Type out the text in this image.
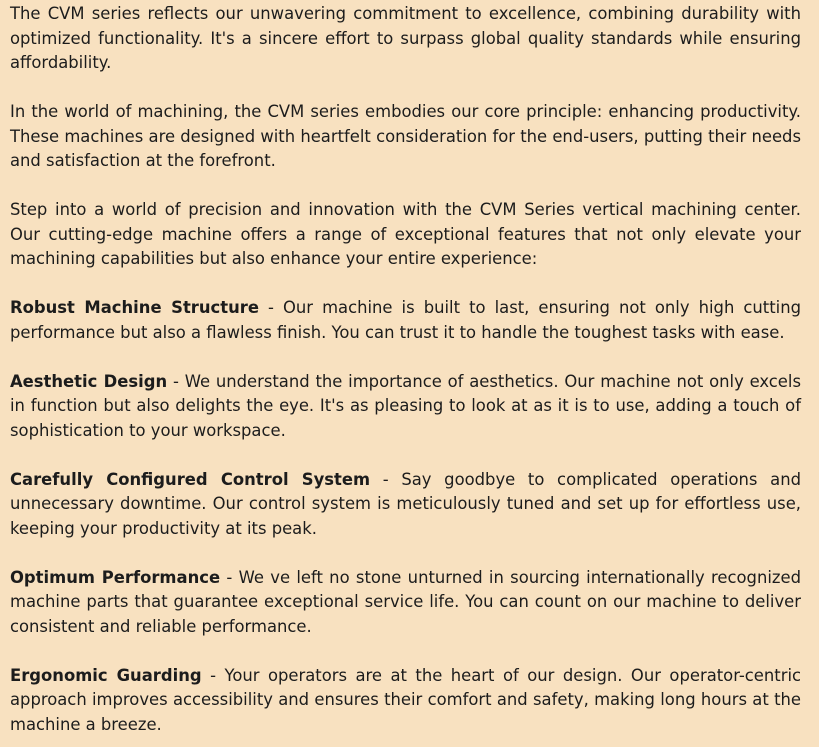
The CVM series reflects our unwavering commitment to excellence, combining durability with optimized functionality. It's a sincere effort to surpass global quality standards while ensuring affordability.

In the world of machining, the CVM series embodies our core principle: enhancing productivity. These machines are designed with heartfelt consideration for the end-users, putting their needs and satisfaction at the forefront.

Step into a world of precision and innovation with the CVM Series vertical machining center. Our cutting-edge machine offers a range of exceptional features that not only elevate your machining capabilities but also enhance your entire experience:

Robust Machine Structure - Our machine is built to last, ensuring not only high cutting performance but also a flawless finish. You can trust it to handle the toughest tasks with ease.

Aesthetic Design - We understand the importance of aesthetics. Our machine not only excels in function but also delights the eye. It's as pleasing to look at as it is to use, adding a touch of sophistication to your workspace.

Carefully Configured Control System - Say goodbye to complicated operations and unnecessary downtime. Our control system is meticulously tuned and set up for effortless use, keeping your productivity at its peak.

Optimum Performance - We ve left no stone unturned in sourcing internationally recognized machine parts that guarantee exceptional service life. You can count on our machine to deliver consistent and reliable performance.

Ergonomic Guarding - Your operators are at the heart of our design. Our operator-centric approach improves accessibility and ensures their comfort and safety, making long hours at the machine a breeze.
